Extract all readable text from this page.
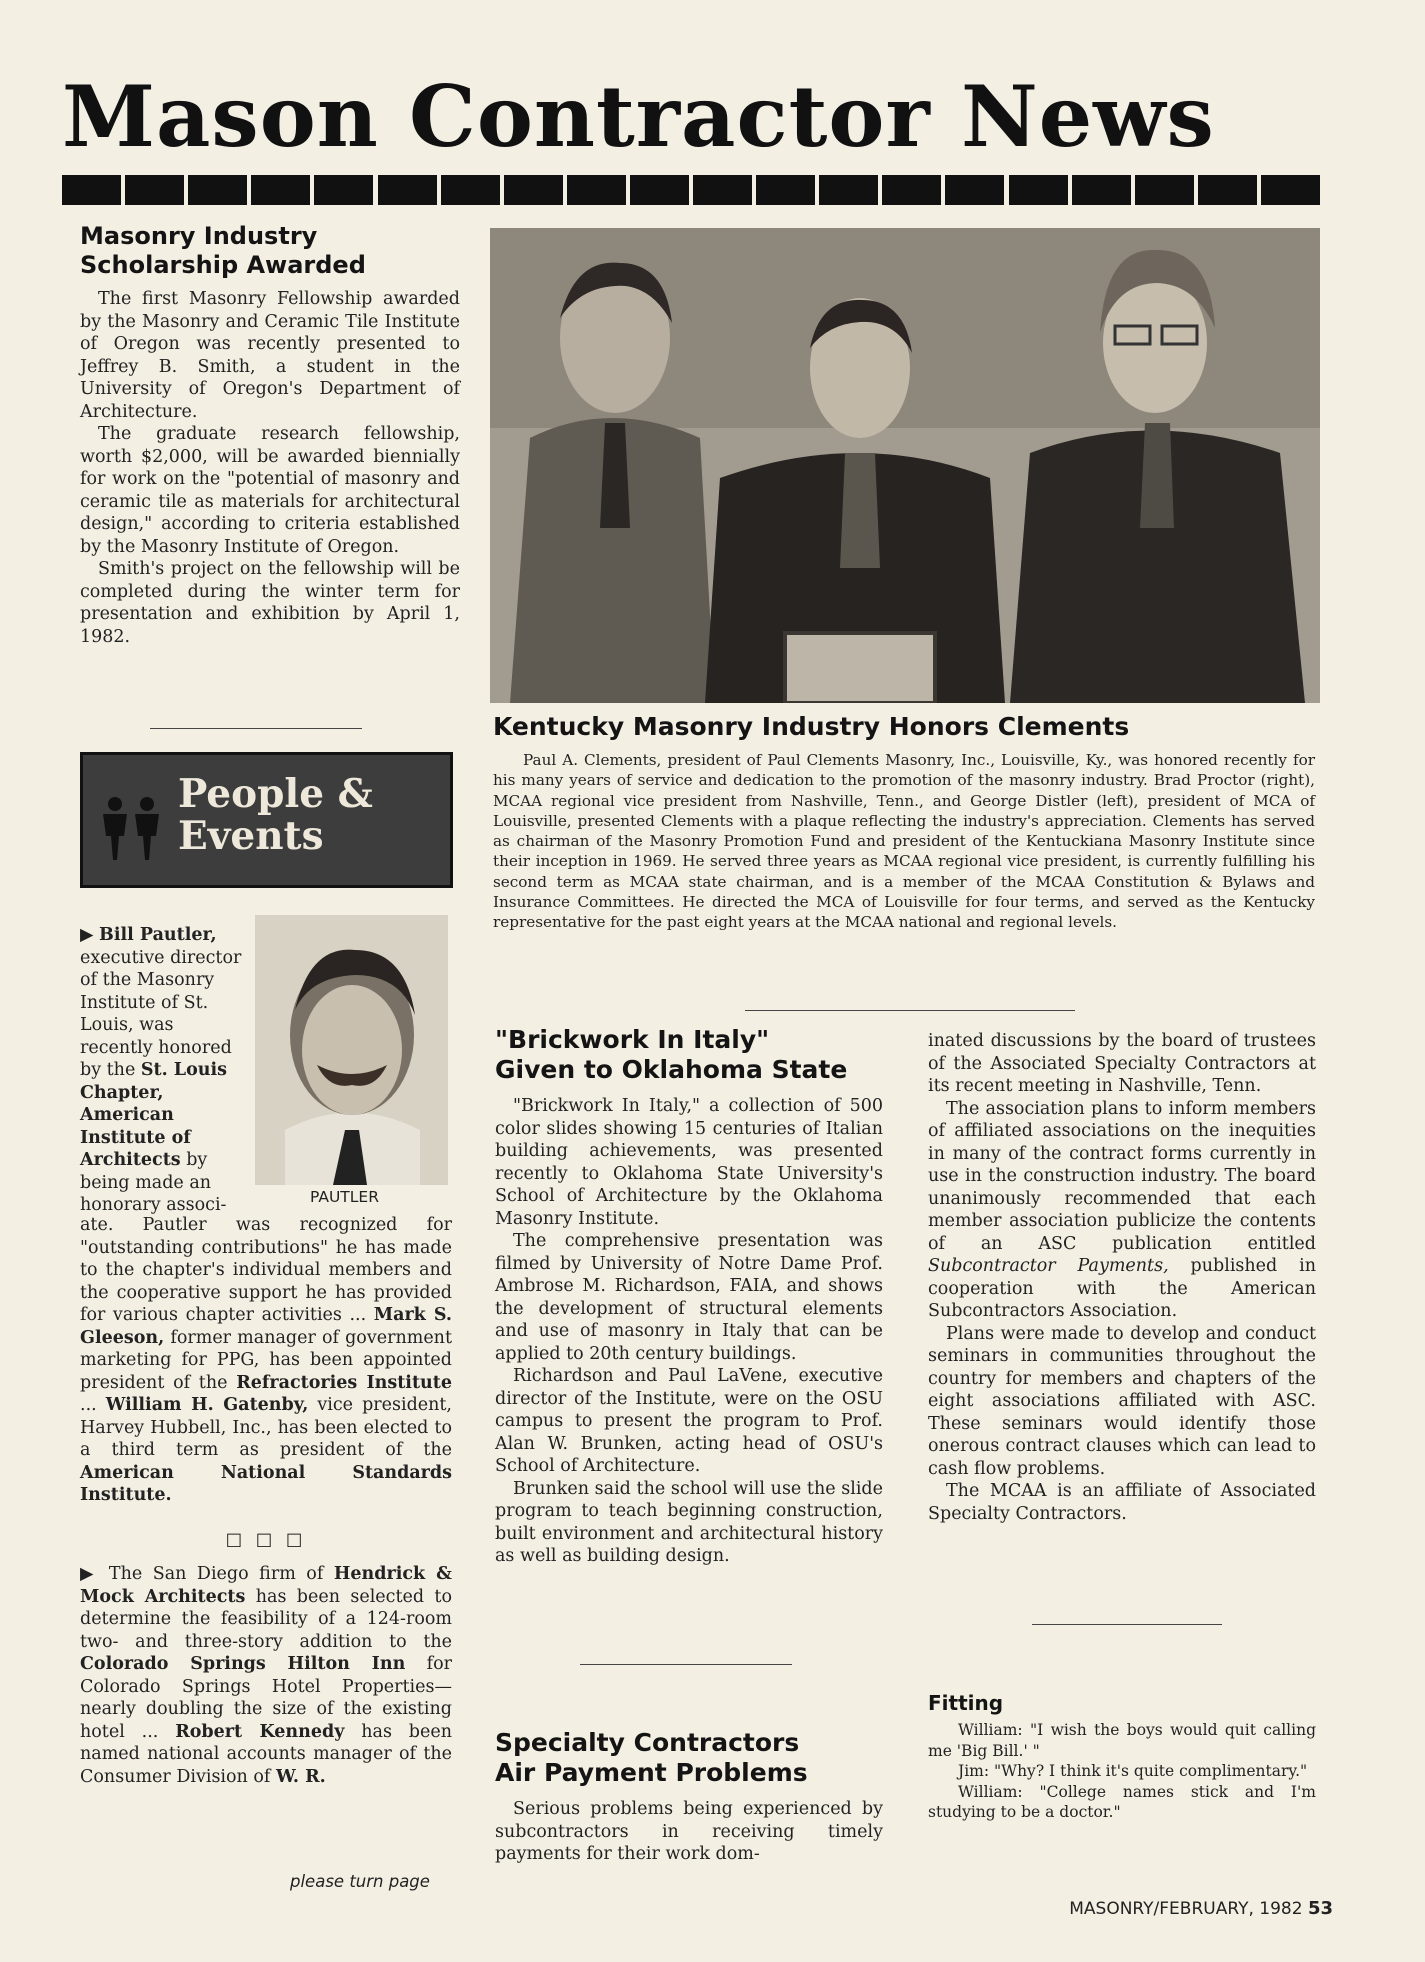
Mason Contractor News
Masonry Industry
Scholarship Awarded

The first Masonry Fellowship awarded by the Masonry and Ceramic Tile Institute of Oregon was recently presented to Jeffrey B. Smith, a student in the University of Oregon's Department of Architecture.

The graduate research fellowship, worth $2,000, will be awarded biennially for work on the "potential of masonry and ceramic tile as materials for architectural design," according to criteria established by the Masonry Institute of Oregon.

Smith's project on the fellowship will be completed during the winter term for presentation and exhibition by April 1, 1982.

People &
Events
PAUTLER

▶ Bill Pautler, executive director of the Masonry Institute of St. Louis, was recently honored by the St. Louis Chapter, American Institute of Architects by being made an honorary associ-

ate. Pautler was recognized for "outstanding contributions" he has made to the chapter's individual members and the cooperative support he has provided for various chapter activities ... Mark S. Gleeson, former manager of government marketing for PPG, has been appointed president of the Refractories Institute ... William H. Gatenby, vice president, Harvey Hubbell, Inc., has been elected to a third term as president of the American National Standards Institute.

□ □ □

▶ The San Diego firm of Hendrick & Mock Architects has been selected to determine the feasibility of a 124-room two- and three-story addition to the Colorado Springs Hilton Inn for Colorado Springs Hotel Properties—nearly doubling the size of the existing hotel ... Robert Kennedy has been named national accounts manager of the Consumer Division of W. R.

please turn page
Kentucky Masonry Industry Honors Clements
Paul A. Clements, president of Paul Clements Masonry, Inc., Louisville, Ky., was honored recently for his many years of service and dedication to the promotion of the masonry industry. Brad Proctor (right), MCAA regional vice president from Nashville, Tenn., and George Distler (left), president of MCA of Louisville, presented Clements with a plaque reflecting the industry's appreciation. Clements has served as chairman of the Masonry Promotion Fund and president of the Kentuckiana Masonry Institute since their inception in 1969. He served three years as MCAA regional vice president, is currently fulfilling his second term as MCAA state chairman, and is a member of the MCAA Constitution & Bylaws and Insurance Committees. He directed the MCA of Louisville for four terms, and served as the Kentucky representative for the past eight years at the MCAA national and regional levels.
"Brickwork In Italy"
Given to Oklahoma State

"Brickwork In Italy," a collection of 500 color slides showing 15 centuries of Italian building achievements, was presented recently to Oklahoma State University's School of Architecture by the Oklahoma Masonry Institute.

The comprehensive presentation was filmed by University of Notre Dame Prof. Ambrose M. Richardson, FAIA, and shows the development of structural elements and use of masonry in Italy that can be applied to 20th century buildings.

Richardson and Paul LaVene, executive director of the Institute, were on the OSU campus to present the program to Prof. Alan W. Brunken, acting head of OSU's School of Architecture.

Brunken said the school will use the slide program to teach beginning construction, built environment and architectural history as well as building design.

Specialty Contractors
Air Payment Problems

Serious problems being experienced by subcontractors in receiving timely payments for their work dom-

inated discussions by the board of trustees of the Associated Specialty Contractors at its recent meeting in Nashville, Tenn.

The association plans to inform members of affiliated associations on the inequities in many of the contract forms currently in use in the construction industry. The board unanimously recommended that each member association publicize the contents of an ASC publication entitled Subcontractor Payments, published in cooperation with the American Subcontractors Association.

Plans were made to develop and conduct seminars in communities throughout the country for members and chapters of the eight associations affiliated with ASC. These seminars would identify those onerous contract clauses which can lead to cash flow problems.

The MCAA is an affiliate of Associated Specialty Contractors.

Fitting
William: "I wish the boys would quit calling me 'Big Bill.' "
Jim: "Why? I think it's quite complimentary."
William: "College names stick and I'm studying to be a doctor."
MASONRY/FEBRUARY, 1982 53
